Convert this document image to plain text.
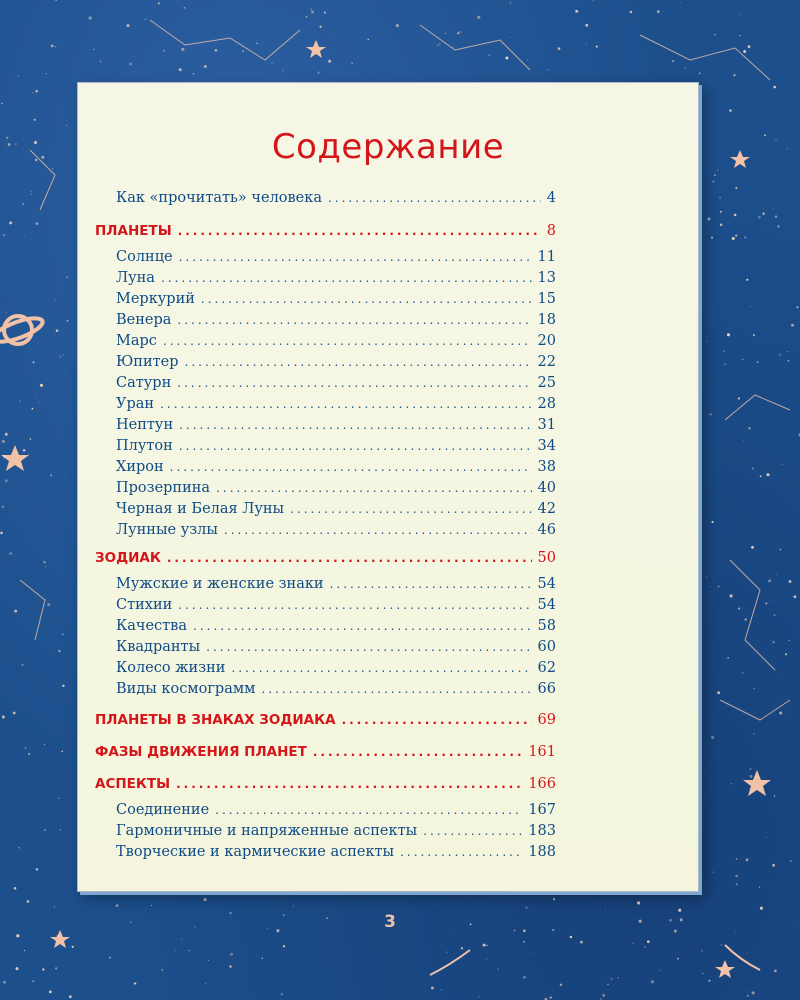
Содержание
Как «прочитать» человека .....	4
ПЛАНЕТЫ .....	8
Солнце .....	11
Луна .....	13
Меркурий .....	15
Венера .....	18
Марс .....	20
Юпитер .....	22
Сатурн .....	25
Уран .....	28
Нептун .....	31
Плутон .....	34
Хирон .....	38
Прозерпина .....	40
Черная и Белая Луны .....	42
Лунные узлы .....	46
ЗОДИАК .....	50
Мужские и женские знаки .....	54
Стихии .....	54
Качества .....	58
Квадранты .....	60
Колесо жизни .....	62
Виды космограмм .....	66
ПЛАНЕТЫ В ЗНАКАХ ЗОДИАКА .....	69
ФАЗЫ ДВИЖЕНИЯ ПЛАНЕТ .....	161
АСПЕКТЫ .....	166
Соединение .....	167
Гармоничные и напряженные аспекты .....	183
Творческие и кармические аспекты .....	188
3
